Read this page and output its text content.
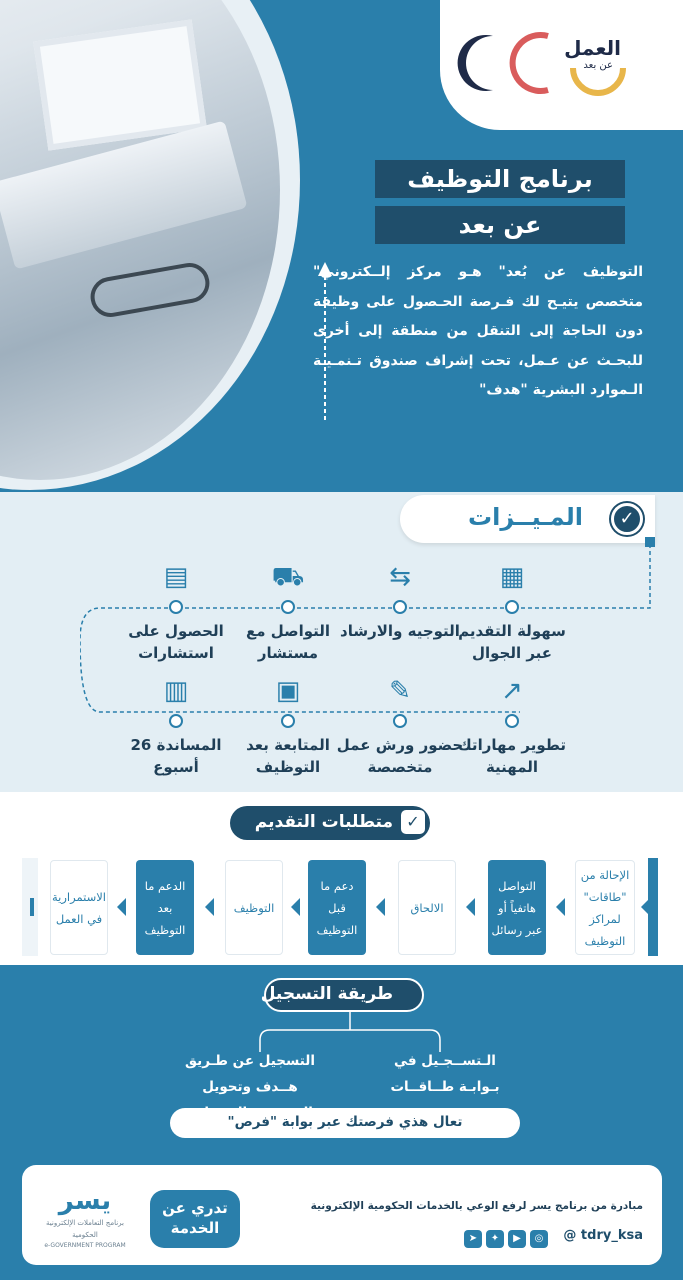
العمل
عن بعد
برنامج التوظيف
عن بعد
التوظيف عن بُعد" هـو مركز إلــكتروني" متخصص يتيـح لك فـرصة الحـصول على وظيفة دون الحاجة إلى التنقل من منطقة إلى أخرى للبحـث عن عـمل، تحت إشراف صندوق تـنمـيـة الـموارد البشرية "هدف"
المـيــزات	✓
▦
سهولة التقديم عبر الجوال
⇆
التوجيه والارشاد
⛟
التواصل مع مستشار
▤
الحصول على استشارات
↗
تطوير مهاراتك المهنية
✎
حضور ورش عمل متخصصة
▣
المتابعة بعد التوظيف
▥
المساندة 26 أسبوع
متطلبات التقديم ✓
الإحالة من "طاقات" لمراكز التوظيف
التواصل هاتفياً أو عبر رسائل
الالحاق
دعم ما قبل التوظيف
التوظيف
الدعم ما بعد التوظيف
الاستمرارية في العمل
طريقة التسجيل
الـتســجـيل في بـوابـة طــاقــات
التسجيل عن طـريق هــدف وتحويل
تعال هذي فرصتك عبر بوابة "فرص"
مبادرة من برنامج يسر لرفع الوعي بالخدمات الحكومية الإلكترونية
@ tdry_ksa
◎
▶
✦
➤
تدري عن الخدمة
يسر
برنامج التعاملات الإلكترونية الحكومية
e-GOVERNMENT PROGRAM
